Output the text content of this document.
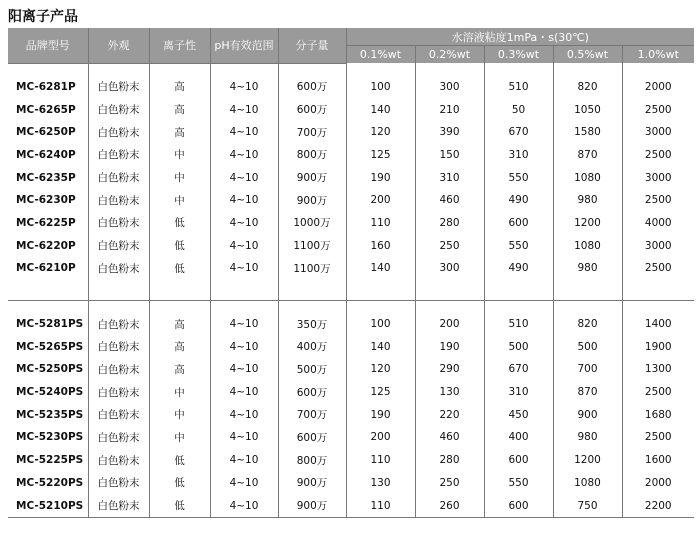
阳离子产品
品牌型号	外观	离子性	pH有效范围	分子量	水溶液粘度1mPa・s(30℃)				
					0.1%wt	0.2%wt	0.3%wt	0.5%wt	1.0%wt

MC-6281P	白色粉末	高	4~10	600万	100	300	510	820	2000
MC-6265P	白色粉末	高	4~10	600万	140	210	50	1050	2500
MC-6250P	白色粉末	高	4~10	700万	120	390	670	1580	3000
MC-6240P	白色粉末	中	4~10	800万	125	150	310	870	2500
MC-6235P	白色粉末	中	4~10	900万	190	310	550	1080	3000
MC-6230P	白色粉末	中	4~10	900万	200	460	490	980	2500
MC-6225P	白色粉末	低	4~10	1000万	110	280	600	1200	4000
MC-6220P	白色粉末	低	4~10	1100万	160	250	550	1080	3000
MC-6210P	白色粉末	低	4~10	1100万	140	300	490	980	2500

MC-5281PS	白色粉末	高	4~10	350万	100	200	510	820	1400
MC-5265PS	白色粉末	高	4~10	400万	140	190	500	500	1900
MC-5250PS	白色粉末	高	4~10	500万	120	290	670	700	1300
MC-5240PS	白色粉末	中	4~10	600万	125	130	310	870	2500
MC-5235PS	白色粉末	中	4~10	700万	190	220	450	900	1680
MC-5230PS	白色粉末	中	4~10	600万	200	460	400	980	2500
MC-5225PS	白色粉末	低	4~10	800万	110	280	600	1200	1600
MC-5220PS	白色粉末	低	4~10	900万	130	250	550	1080	2000
MC-5210PS	白色粉末	低	4~10	900万	110	260	600	750	2200
